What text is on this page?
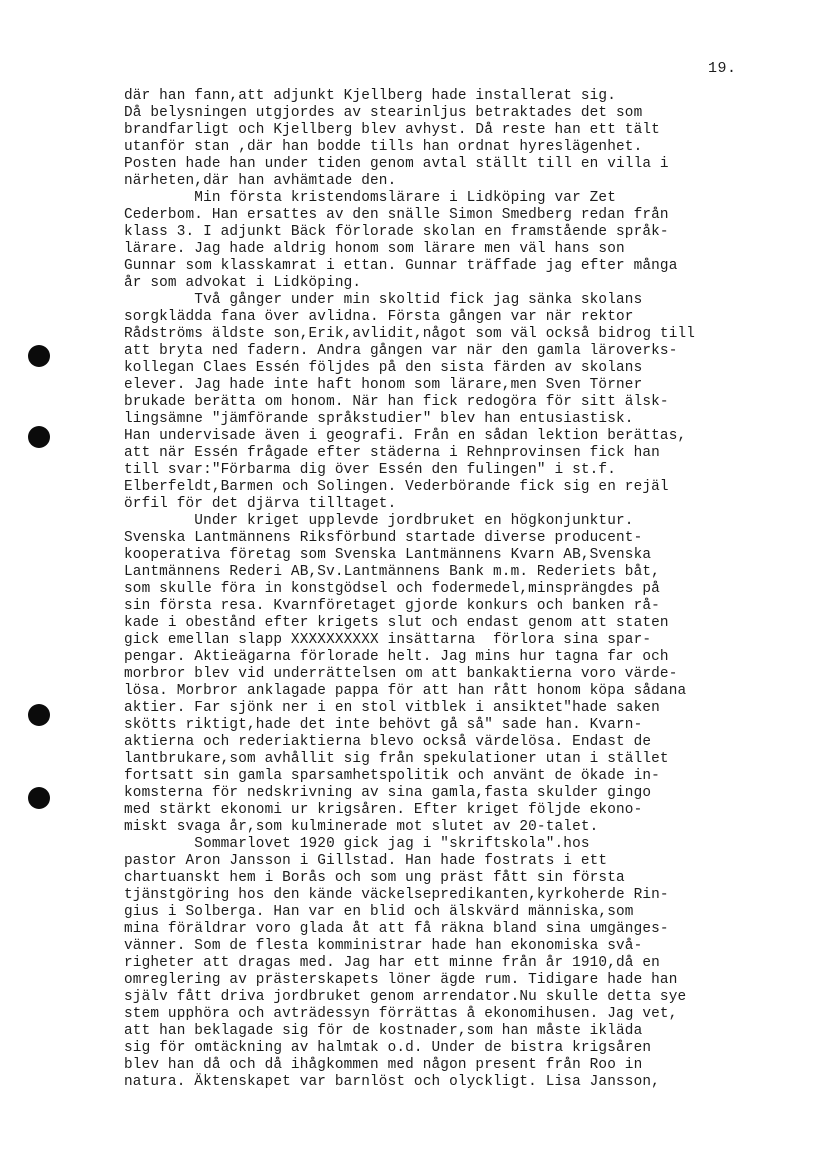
19.
där han fann,att adjunkt Kjellberg hade installerat sig.
Då belysningen utgjordes av stearinljus betraktades det som
brandfarligt och Kjellberg blev avhyst. Då reste han ett tält
utanför stan ,där han bodde tills han ordnat hyreslägenhet.
Posten hade han under tiden genom avtal ställt till en villa i
närheten,där han avhämtade den.
Min första kristendomslärare i Lidköping var Zet
Cederbom. Han ersattes av den snälle Simon Smedberg redan från
klass 3. I adjunkt Bäck förlorade skolan en framstående språk-
lärare. Jag hade aldrig honom som lärare men väl hans son
Gunnar som klasskamrat i ettan. Gunnar träffade jag efter många
år som advokat i Lidköping.
Två gånger under min skoltid fick jag sänka skolans
sorgklädda fana över avlidna. Första gången var när rektor
Rådströms äldste son,Erik,avlidit,något som väl också bidrog till
att bryta ned fadern. Andra gången var när den gamla läroverks-
kollegan Claes Essén följdes på den sista färden av skolans
elever. Jag hade inte haft honom som lärare,men Sven Törner
brukade berätta om honom. När han fick redogöra för sitt älsk-
lingsämne "jämförande språkstudier" blev han entusiastisk.
Han undervisade även i geografi. Från en sådan lektion berättas,
att när Essén frågade efter städerna i Rehnprovinsen fick han
till svar:"Förbarma dig över Essén den fulingen" i st.f.
Elberfeldt,Barmen och Solingen. Vederbörande fick sig en rejäl
örfil för det djärva tilltaget.
Under kriget upplevde jordbruket en högkonjunktur.
Svenska Lantmännens Riksförbund startade diverse producent-
kooperativa företag som Svenska Lantmännens Kvarn AB,Svenska
Lantmännens Rederi AB,Sv.Lantmännens Bank m.m. Rederiets båt,
som skulle föra in konstgödsel och fodermedel,minsprängdes på
sin första resa. Kvarnföretaget gjorde konkurs och banken rå-
kade i obestånd efter krigets slut och endast genom att staten
gick emellan slapp XXXXXXXXXX insättarna  förlora sina spar-
pengar. Aktieägarna förlorade helt. Jag mins hur tagna far och
morbror blev vid underrättelsen om att bankaktierna voro värde-
lösa. Morbror anklagade pappa för att han rått honom köpa sådana
aktier. Far sjönk ner i en stol vitblek i ansiktet"hade saken
skötts riktigt,hade det inte behövt gå så" sade han. Kvarn-
aktierna och rederiaktierna blevo också värdelösa. Endast de
lantbrukare,som avhållit sig från spekulationer utan i stället
fortsatt sin gamla sparsamhetspolitik och använt de ökade in-
komsterna för nedskrivning av sina gamla,fasta skulder gingo
med stärkt ekonomi ur krigsåren. Efter kriget följde ekono-
miskt svaga år,som kulminerade mot slutet av 20-talet.
Sommarlovet 1920 gick jag i "skriftskola".hos
pastor Aron Jansson i Gillstad. Han hade fostrats i ett
chartuanskt hem i Borås och som ung präst fått sin första
tjänstgöring hos den kände väckelsepredikanten,kyrkoherde Rin-
gius i Solberga. Han var en blid och älskvärd människa,som
mina föräldrar voro glada åt att få räkna bland sina umgänges-
vänner. Som de flesta komministrar hade han ekonomiska svå-
righeter att dragas med. Jag har ett minne från år 1910,då en
omreglering av prästerskapets löner ägde rum. Tidigare hade han
själv fått driva jordbruket genom arrendator.Nu skulle detta sye
stem upphöra och avträdessyn förrättas å ekonomihusen. Jag vet,
att han beklagade sig för de kostnader,som han måste ikläda
sig för omtäckning av halmtak o.d. Under de bistra krigsåren
blev han då och då ihågkommen med någon present från Roo in
natura. Äktenskapet var barnlöst och olyckligt. Lisa Jansson,
